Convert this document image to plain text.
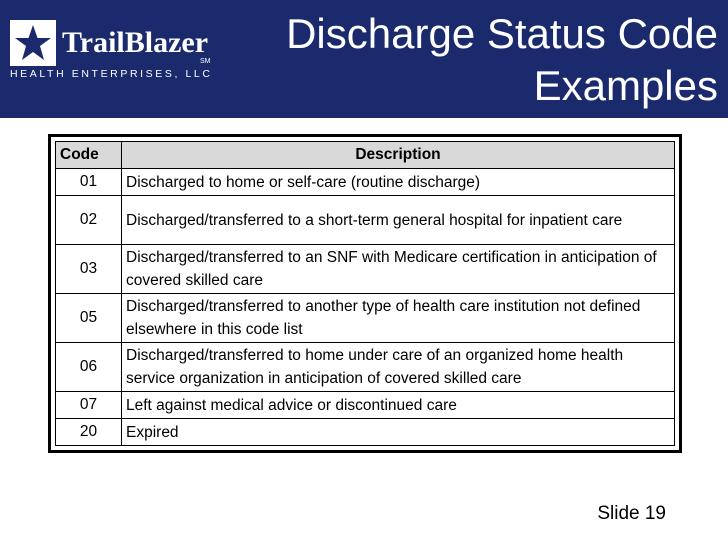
TrailBlazer
SM
HEALTH ENTERPRISES, LLC
Discharge Status Code
Examples
Code	Description
01	Discharged to home or self-care (routine discharge)
02	Discharged/transferred to a short-term general hospital for inpatient care
03	Discharged/transferred to an SNF with Medicare certification in anticipation of covered skilled care
05	Discharged/transferred to another type of health care institution not defined elsewhere in this code list
06	Discharged/transferred to home under care of an organized home health service organization in anticipation of covered skilled care
07	Left against medical advice or discontinued care
20	Expired
Slide 19
